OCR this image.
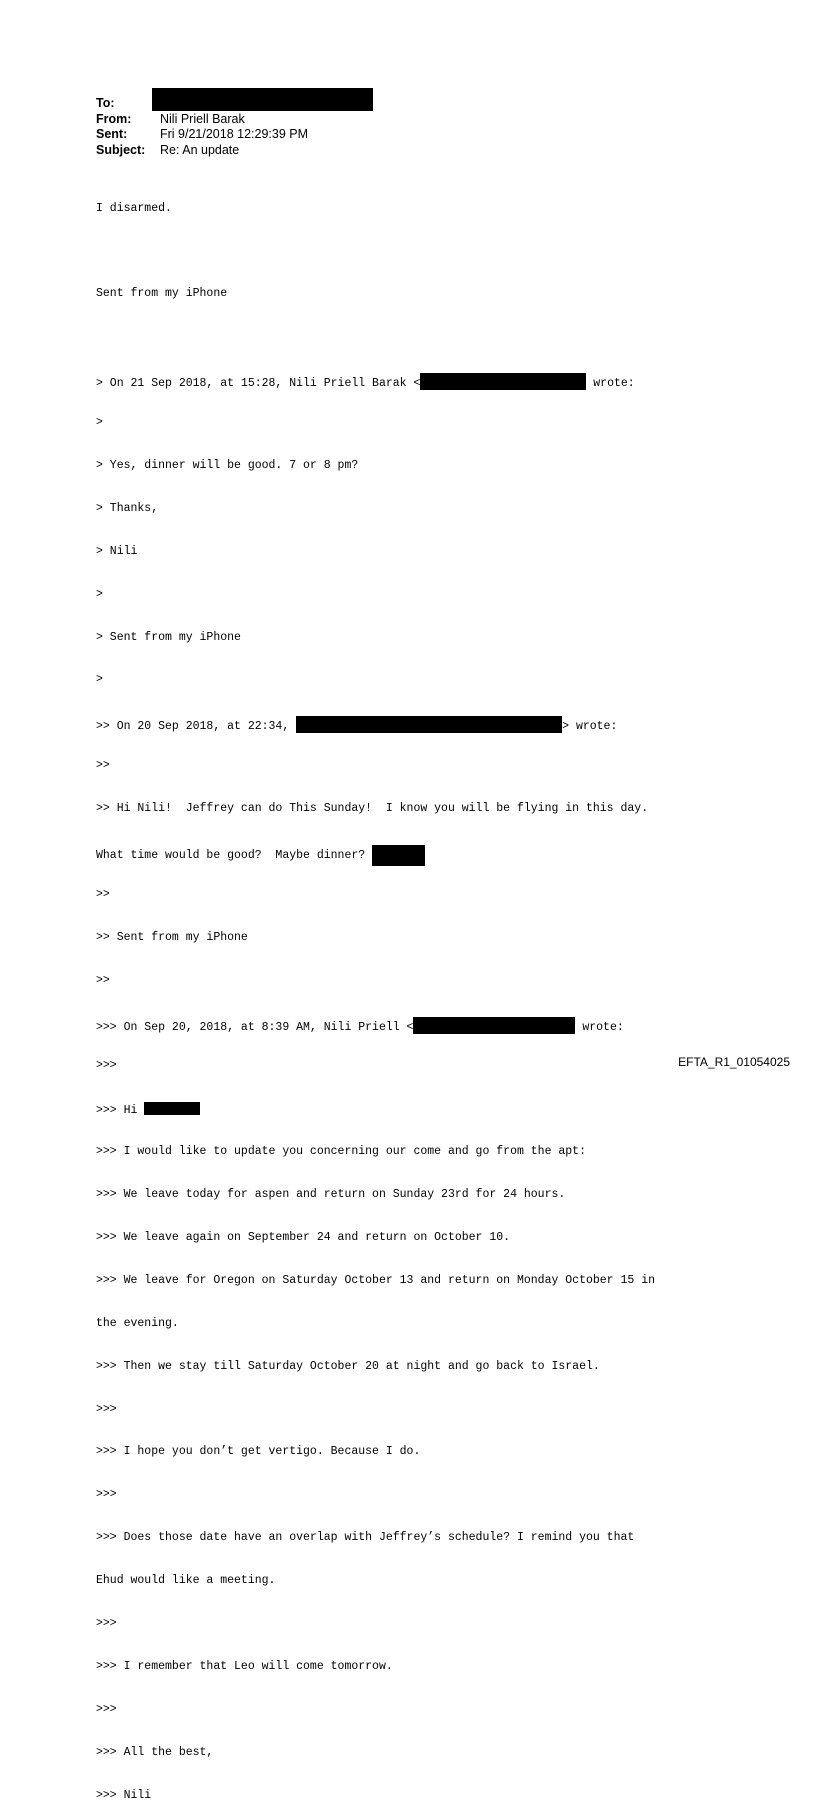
To:
From:	Nili Priell Barak
Sent:	Fri 9/21/2018 12:29:39 PM
Subject:	Re: An update

I disarmed.

Sent from my iPhone

> On 21 Sep 2018, at 15:28, Nili Priell Barak <	wrote:

>

> Yes, dinner will be good. 7 or 8 pm?

> Thanks,

> Nili

>

> Sent from my iPhone

>

>> On 20 Sep 2018, at 22:34,	> wrote:

>>

>> Hi Nili!  Jeffrey can do This Sunday!  I know you will be flying in this day.

What time would be good?  Maybe dinner?

>>

>> Sent from my iPhone

>>

>>> On Sep 20, 2018, at 8:39 AM, Nili Priell <	wrote:

>>>

>>> Hi

>>> I would like to update you concerning our come and go from the apt:

>>> We leave today for aspen and return on Sunday 23rd for 24 hours.

>>> We leave again on September 24 and return on October 10.

>>> We leave for Oregon on Saturday October 13 and return on Monday October 15 in

the evening.

>>> Then we stay till Saturday October 20 at night and go back to Israel.

>>>

>>> I hope you don’t get vertigo. Because I do.

>>>

>>> Does those date have an overlap with Jeffrey’s schedule? I remind you that

Ehud would like a meeting.

>>>

>>> I remember that Leo will come tomorrow.

>>>

>>> All the best,

>>> Nili

EFTA_R1_01054025
